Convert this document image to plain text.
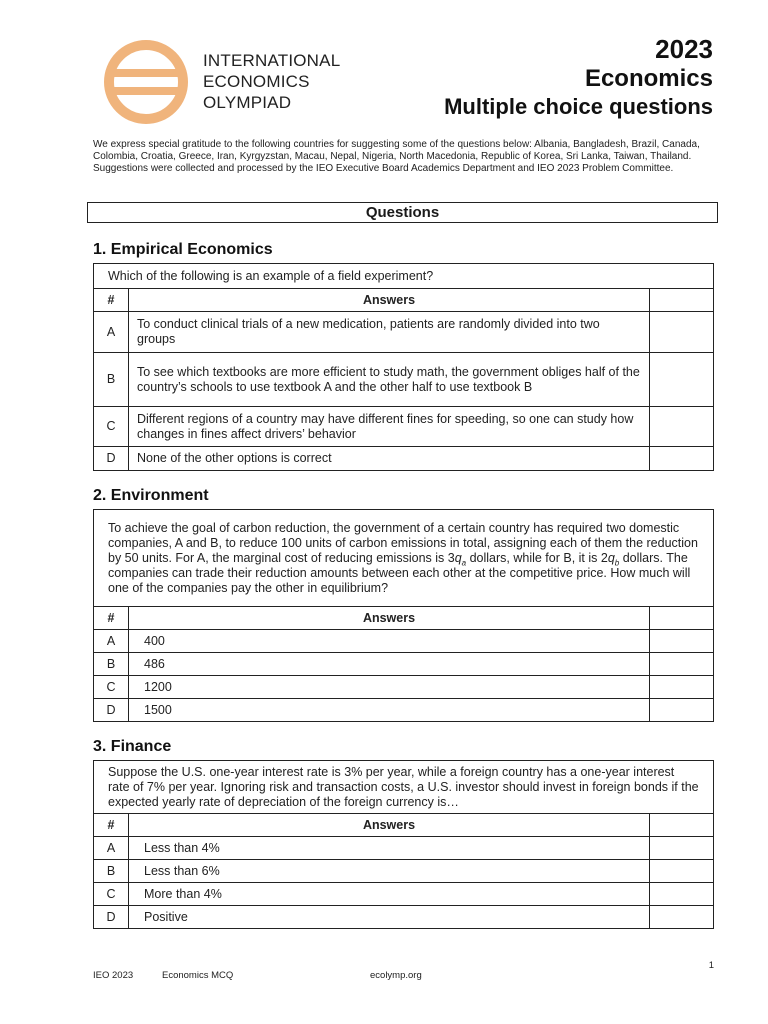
INTERNATIONAL
ECONOMICS
OLYMPIAD
2023
Economics
Multiple choice questions
We express special gratitude to the following countries for suggesting some of the questions below: Albania, Bangladesh, Brazil, Canada, Colombia, Croatia, Greece, Iran, Kyrgyzstan, Macau, Nepal, Nigeria, North Macedonia, Republic of Korea, Sri Lanka, Taiwan, Thailand. Suggestions were collected and processed by the IEO Executive Board Academics Department and IEO 2023 Problem Committee.
Questions
1. Empirical Economics
Which of the following is an example of a field experiment?		
#	Answers	
A	To conduct clinical trials of a new medication, patients are randomly divided into two groups	
B	To see which textbooks are more efficient to study math, the government obliges half of the country’s schools to use textbook A and the other half to use textbook B	
C	Different regions of a country may have different fines for speeding, so one can study how changes in fines affect drivers’ behavior	
D	None of the other options is correct	
2. Environment
To achieve the goal of carbon reduction, the government of a certain country has required two domestic companies, A and B, to reduce 100 units of carbon emissions in total, assigning each of them the reduction by 50 units. For A, the marginal cost of reducing emissions is $3q_a$ dollars, while for B, it is $2q_b$ dollars. The companies can trade their reduction amounts between each other at the competitive price. How much will one of the companies pay the other in equilibrium?		
#	Answers	
A	400	
B	486	
C	1200	
D	1500	
3. Finance
Suppose the U.S. one-year interest rate is 3% per year, while a foreign country has a one-year interest rate of 7% per year. Ignoring risk and transaction costs, a U.S. investor should invest in foreign bonds if the expected yearly rate of depreciation of the foreign currency is…		
#	Answers	
A	Less than 4%	
B	Less than 6%	
C	More than 4%	
D	Positive	
1
IEO 2023	Economics MCQ	ecolymp.org
